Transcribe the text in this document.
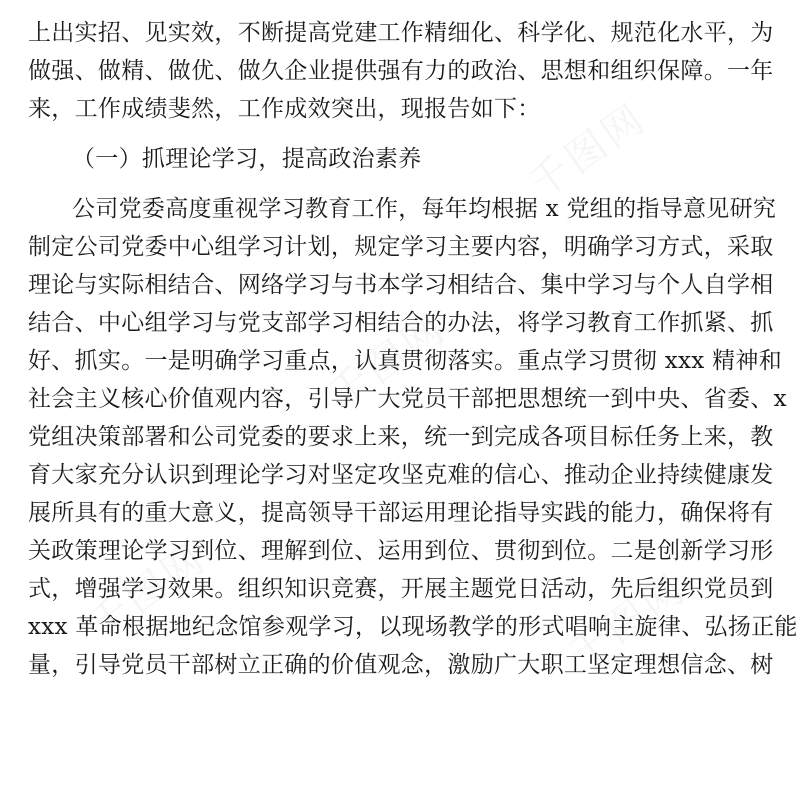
千图网
千图网
千图网
千图网
上出实招、见实效，不断提高党建工作精细化、科学化、规范化水平，为
做强、做精、做优、做久企业提供强有力的政治、思想和组织保障。一年
来，工作成绩斐然，工作成效突出，现报告如下：
（一）抓理论学习，提高政治素养
公司党委高度重视学习教育工作，每年均根据 x 党组的指导意见研究
制定公司党委中心组学习计划，规定学习主要内容，明确学习方式，采取
理论与实际相结合、网络学习与书本学习相结合、集中学习与个人自学相
结合、中心组学习与党支部学习相结合的办法，将学习教育工作抓紧、抓
好、抓实。一是明确学习重点，认真贯彻落实。重点学习贯彻 xxx 精神和
社会主义核心价值观内容，引导广大党员干部把思想统一到中央、省委、x
党组决策部署和公司党委的要求上来，统一到完成各项目标任务上来，教
育大家充分认识到理论学习对坚定攻坚克难的信心、推动企业持续健康发
展所具有的重大意义，提高领导干部运用理论指导实践的能力，确保将有
关政策理论学习到位、理解到位、运用到位、贯彻到位。二是创新学习形
式，增强学习效果。组织知识竞赛，开展主题党日活动，先后组织党员到
xxx 革命根据地纪念馆参观学习，以现场教学的形式唱响主旋律、弘扬正能
量，引导党员干部树立正确的价值观念，激励广大职工坚定理想信念、树
